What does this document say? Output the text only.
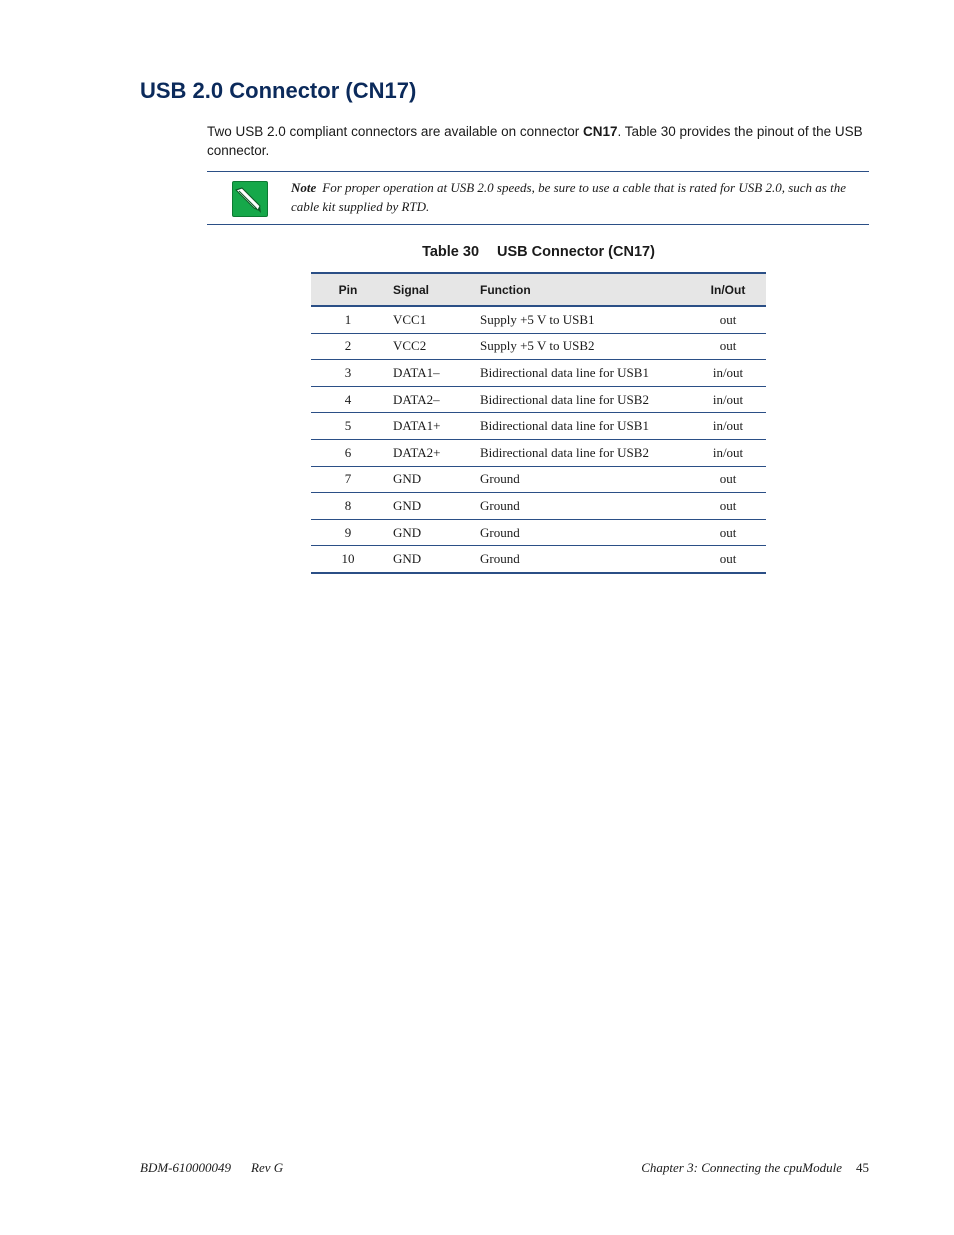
USB 2.0 Connector (CN17)

Two USB 2.0 compliant connectors are available on connector CN17. Table 30 provides the pinout of the USB connector.

Note For proper operation at USB 2.0 speeds, be sure to use a cable that is rated for USB 2.0, such as the cable kit supplied by RTD.

Table 30 USB Connector (CN17)

Pin	Signal	Function	In/Out
1	VCC1	Supply +5 V to USB1	out
2	VCC2	Supply +5 V to USB2	out
3	DATA1–	Bidirectional data line for USB1	in/out
4	DATA2–	Bidirectional data line for USB2	in/out
5	DATA1+	Bidirectional data line for USB1	in/out
6	DATA2+	Bidirectional data line for USB2	in/out
7	GND	Ground	out
8	GND	Ground	out
9	GND	Ground	out
10	GND	Ground	out
BDM-610000049 Rev G	Chapter 3: Connecting the cpuModule 45
